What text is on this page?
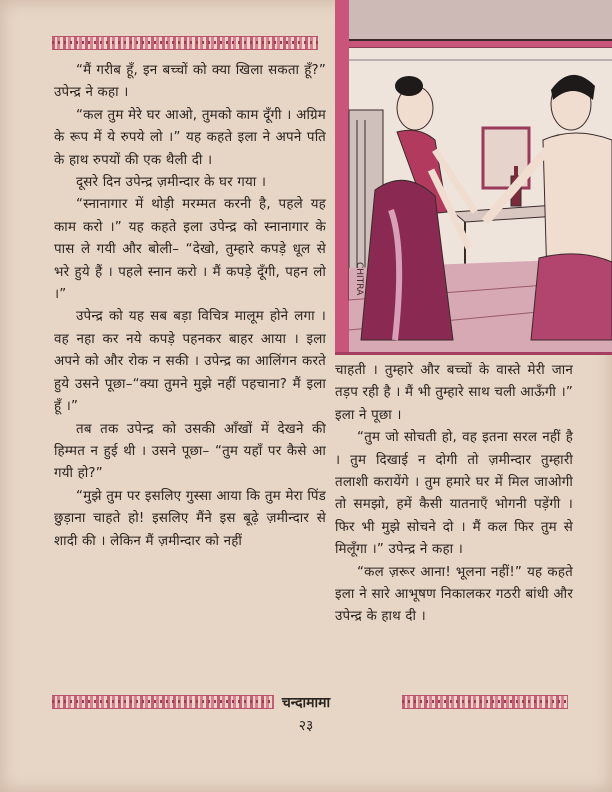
CHITRA

“मैं गरीब हूँ, इन बच्चों को क्या खिला सकता हूँ?” उपेन्द्र ने कहा ।

“कल तुम मेरे घर आओ, तुमको काम दूँगी । अग्रिम के रूप में ये रुपये लो ।” यह कहते इला ने अपने पति के हाथ रुपयों की एक थैली दी ।

दूसरे दिन उपेन्द्र ज़मीन्दार के घर गया ।

“स्नानागार में थोड़ी मरम्मत करनी है, पहले यह काम करो ।” यह कहते इला उपेन्द्र को स्नानागार के पास ले गयी और बोली– “देखो, तुम्हारे कपड़े धूल से भरे हुये हैं । पहले स्नान करो । मैं कपड़े दूँगी, पहन लो ।”

उपेन्द्र को यह सब बड़ा विचित्र मालूम होने लगा । वह नहा कर नये कपड़े पहनकर बाहर आया । इला अपने को और रोक न सकी । उपेन्द्र का आलिंगन करते हुये उसने पूछा–“क्या तुमने मुझे नहीं पहचाना? मैं इला हूँ ।”

तब तक उपेन्द्र को उसकी आँखों में देखने की हिम्मत न हुई थी । उसने पूछा– “तुम यहाँ पर कैसे आ गयी हो?”

“मुझे तुम पर इसलिए गुस्सा आया कि तुम मेरा पिंड छुड़ाना चाहते हो! इसलिए मैंने इस बूढ़े ज़मीन्दार से शादी की । लेकिन मैं ज़मीन्दार को नहीं

चाहती । तुम्हारे और बच्चों के वास्ते मेरी जान तड़प रही है । मैं भी तुम्हारे साथ चली आऊँगी ।” इला ने पूछा ।

“तुम जो सोचती हो, वह इतना सरल नहीं है । तुम दिखाई न दोगी तो ज़मीन्दार तुम्हारी तलाशी करायेंगे । तुम हमारे घर में मिल जाओगी तो समझो, हमें कैसी यातनाएँ भोगनी पड़ेंगी । फिर भी मुझे सोचने दो । मैं कल फिर तुम से मिलूँगा ।” उपेन्द्र ने कहा ।

“कल ज़रूर आना! भूलना नहीं!” यह कहते इला ने सारे आभूषण निकालकर गठरी बांधी और उपेन्द्र के हाथ दी ।

चन्दामामा
२३
